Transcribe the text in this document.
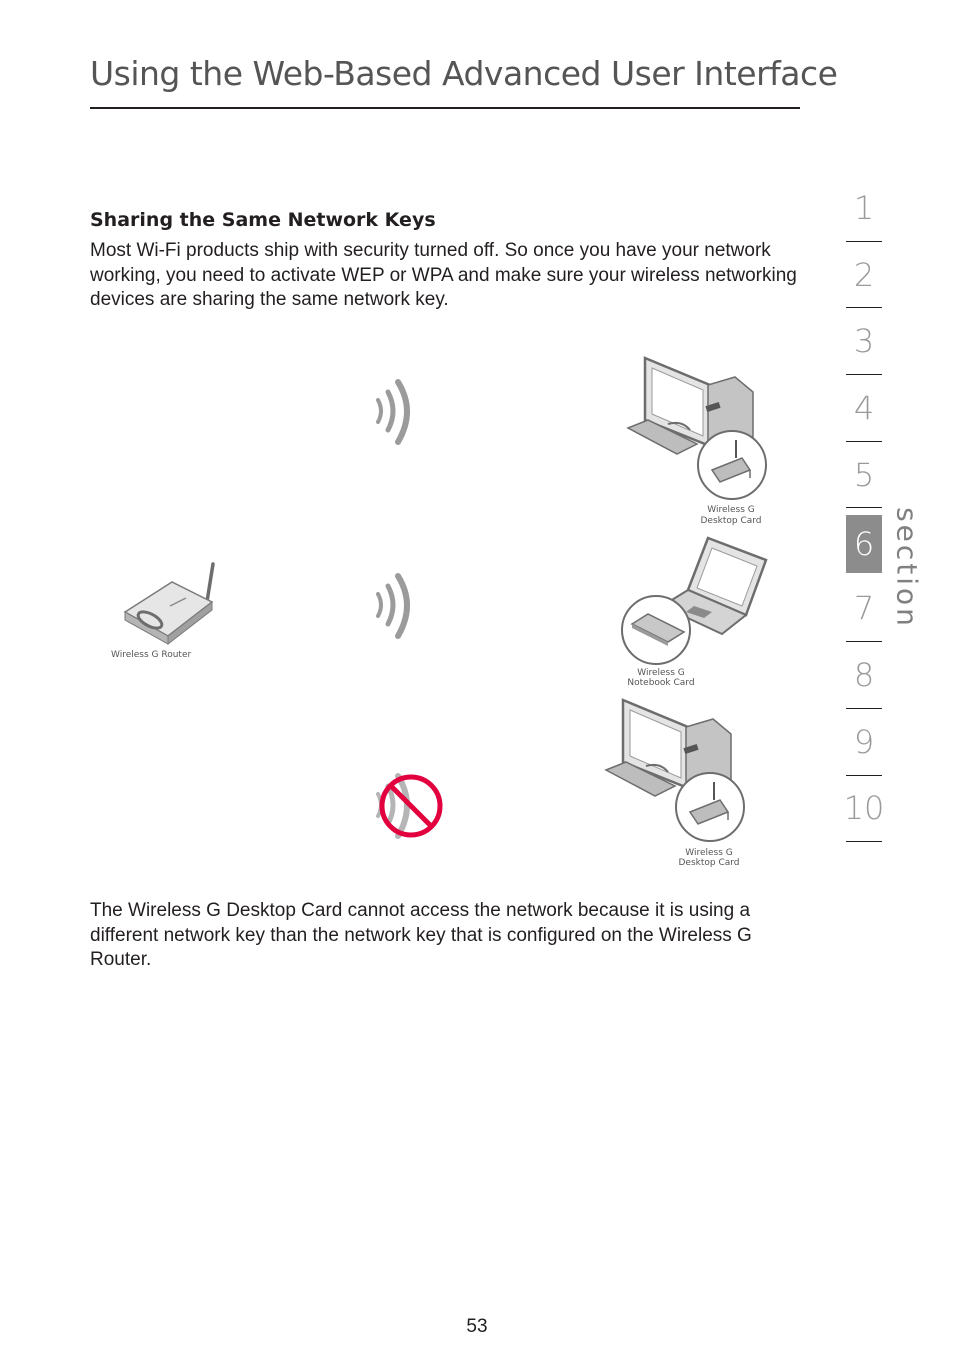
Using the Web-Based Advanced User Interface
Sharing the Same Network Keys
Most Wi-Fi products ship with security turned off. So once you have your network working, you need to activate WEP or WPA and make sure your wireless networking devices are sharing the same network key.
Wireless G Router
Wireless G
Desktop Card
Wireless G
Notebook Card
Wireless G
Desktop Card
The Wireless G Desktop Card cannot access the network because it is using a different network key than the network key that is configured on the Wireless G Router.
1
2
3
4
5
6
7
8
9
10
section
53
